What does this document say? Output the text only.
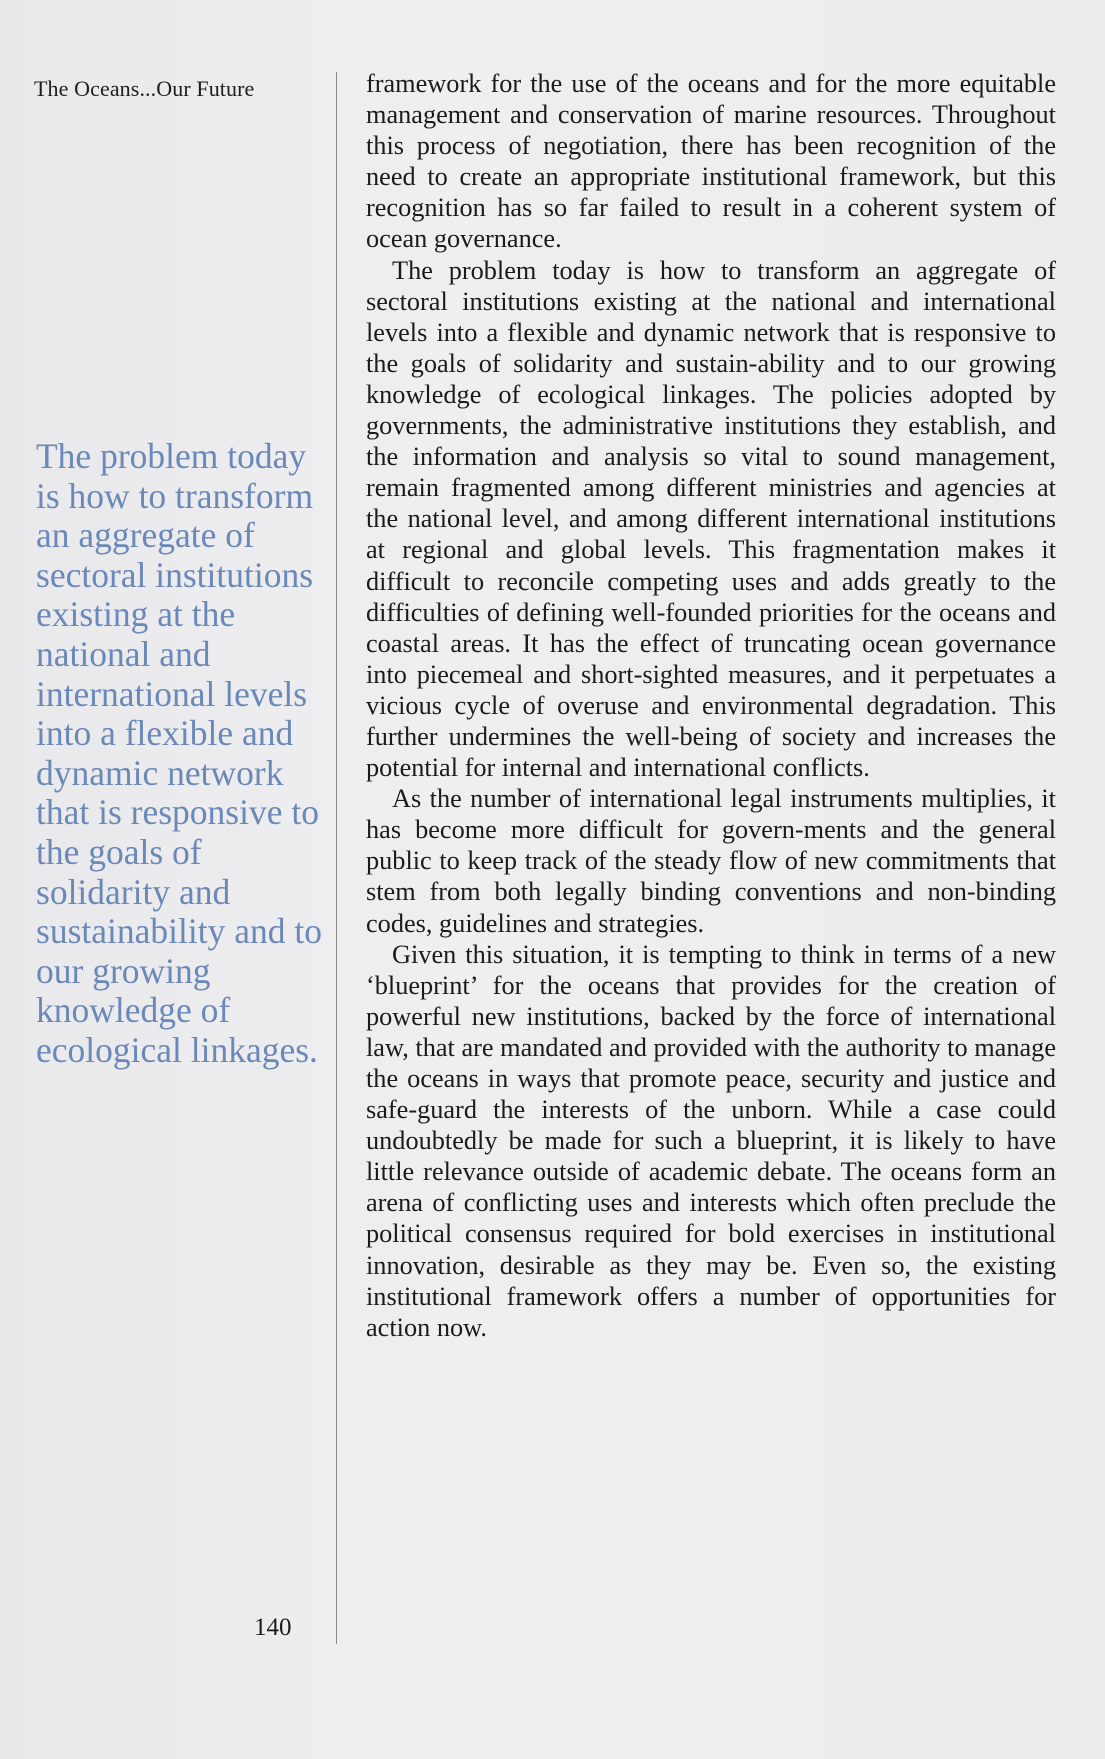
The Oceans...Our Future
The problem today is how to transform an aggregate of sectoral institutions existing at the national and international levels into a flexible and dynamic network that is responsive to the goals of solidarity and sustainability and to our growing knowledge of ecological linkages.

framework for the use of the oceans and for the more equitable management and conservation of marine resources. Throughout this process of negotiation, there has been recognition of the need to create an appropriate institutional framework, but this recognition has so far failed to result in a coherent system of ocean governance.

The problem today is how to transform an aggregate of sectoral institutions existing at the national and international levels into a flexible and dynamic network that is responsive to the goals of solidarity and sustain-ability and to our growing knowledge of ecological linkages. The policies adopted by governments, the administrative institutions they establish, and the information and analysis so vital to sound management, remain fragmented among different ministries and agencies at the national level, and among different international institutions at regional and global levels. This fragmentation makes it difficult to reconcile competing uses and adds greatly to the difficulties of defining well-founded priorities for the oceans and coastal areas. It has the effect of truncating ocean governance into piecemeal and short-sighted measures, and it perpetuates a vicious cycle of overuse and environmental degradation. This further undermines the well-being of society and increases the potential for internal and international conflicts.

As the number of international legal instruments multiplies, it has become more difficult for govern-ments and the general public to keep track of the steady flow of new commitments that stem from both legally binding conventions and non-binding codes, guidelines and strategies.

Given this situation, it is tempting to think in terms of a new ‘blueprint’ for the oceans that provides for the creation of powerful new institutions, backed by the force of international law, that are mandated and provided with the authority to manage the oceans in ways that promote peace, security and justice and safe-guard the interests of the unborn. While a case could undoubtedly be made for such a blueprint, it is likely to have little relevance outside of academic debate. The oceans form an arena of conflicting uses and interests which often preclude the political consensus required for bold exercises in institutional innovation, desirable as they may be. Even so, the existing institutional framework offers a number of opportunities for action now.

140
